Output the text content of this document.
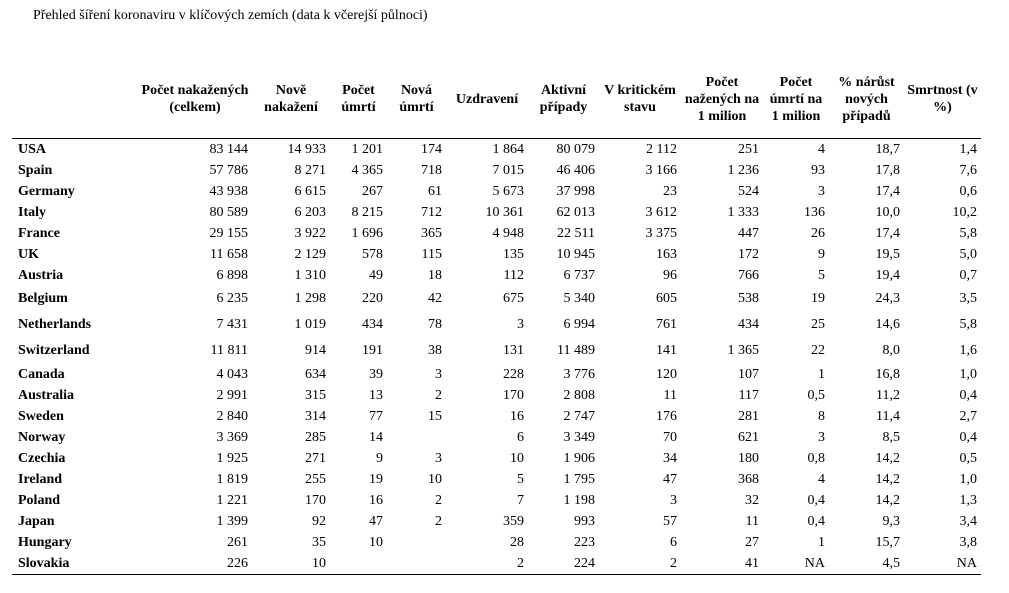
Přehled šíření koronaviru v klíčových zemích (data k včerejší půlnoci)
	Počet nakažených (celkem)	Nově nakažení	Počet úmrtí	Nová úmrtí	Uzdravení	Aktivní případy	V kritickém stavu	Počet nažených na 1 milion	Počet úmrtí na 1 milion	% nárůst nových případů	Smrtnost (v %)
USA	83 144	14 933	1 201	174	1 864	80 079	2 112	251	4	18,7	1,4
Spain	57 786	8 271	4 365	718	7 015	46 406	3 166	1 236	93	17,8	7,6
Germany	43 938	6 615	267	61	5 673	37 998	23	524	3	17,4	0,6
Italy	80 589	6 203	8 215	712	10 361	62 013	3 612	1 333	136	10,0	10,2
France	29 155	3 922	1 696	365	4 948	22 511	3 375	447	26	17,4	5,8
UK	11 658	2 129	578	115	135	10 945	163	172	9	19,5	5,0
Austria	6 898	1 310	49	18	112	6 737	96	766	5	19,4	0,7
Belgium	6 235	1 298	220	42	675	5 340	605	538	19	24,3	3,5
Netherlands	7 431	1 019	434	78	3	6 994	761	434	25	14,6	5,8
Switzerland	11 811	914	191	38	131	11 489	141	1 365	22	8,0	1,6
Canada	4 043	634	39	3	228	3 776	120	107	1	16,8	1,0
Australia	2 991	315	13	2	170	2 808	11	117	0,5	11,2	0,4
Sweden	2 840	314	77	15	16	2 747	176	281	8	11,4	2,7
Norway	3 369	285	14		6	3 349	70	621	3	8,5	0,4
Czechia	1 925	271	9	3	10	1 906	34	180	0,8	14,2	0,5
Ireland	1 819	255	19	10	5	1 795	47	368	4	14,2	1,0
Poland	1 221	170	16	2	7	1 198	3	32	0,4	14,2	1,3
Japan	1 399	92	47	2	359	993	57	11	0,4	9,3	3,4
Hungary	261	35	10		28	223	6	27	1	15,7	3,8
Slovakia	226	10			2	224	2	41	NA	4,5	NA
